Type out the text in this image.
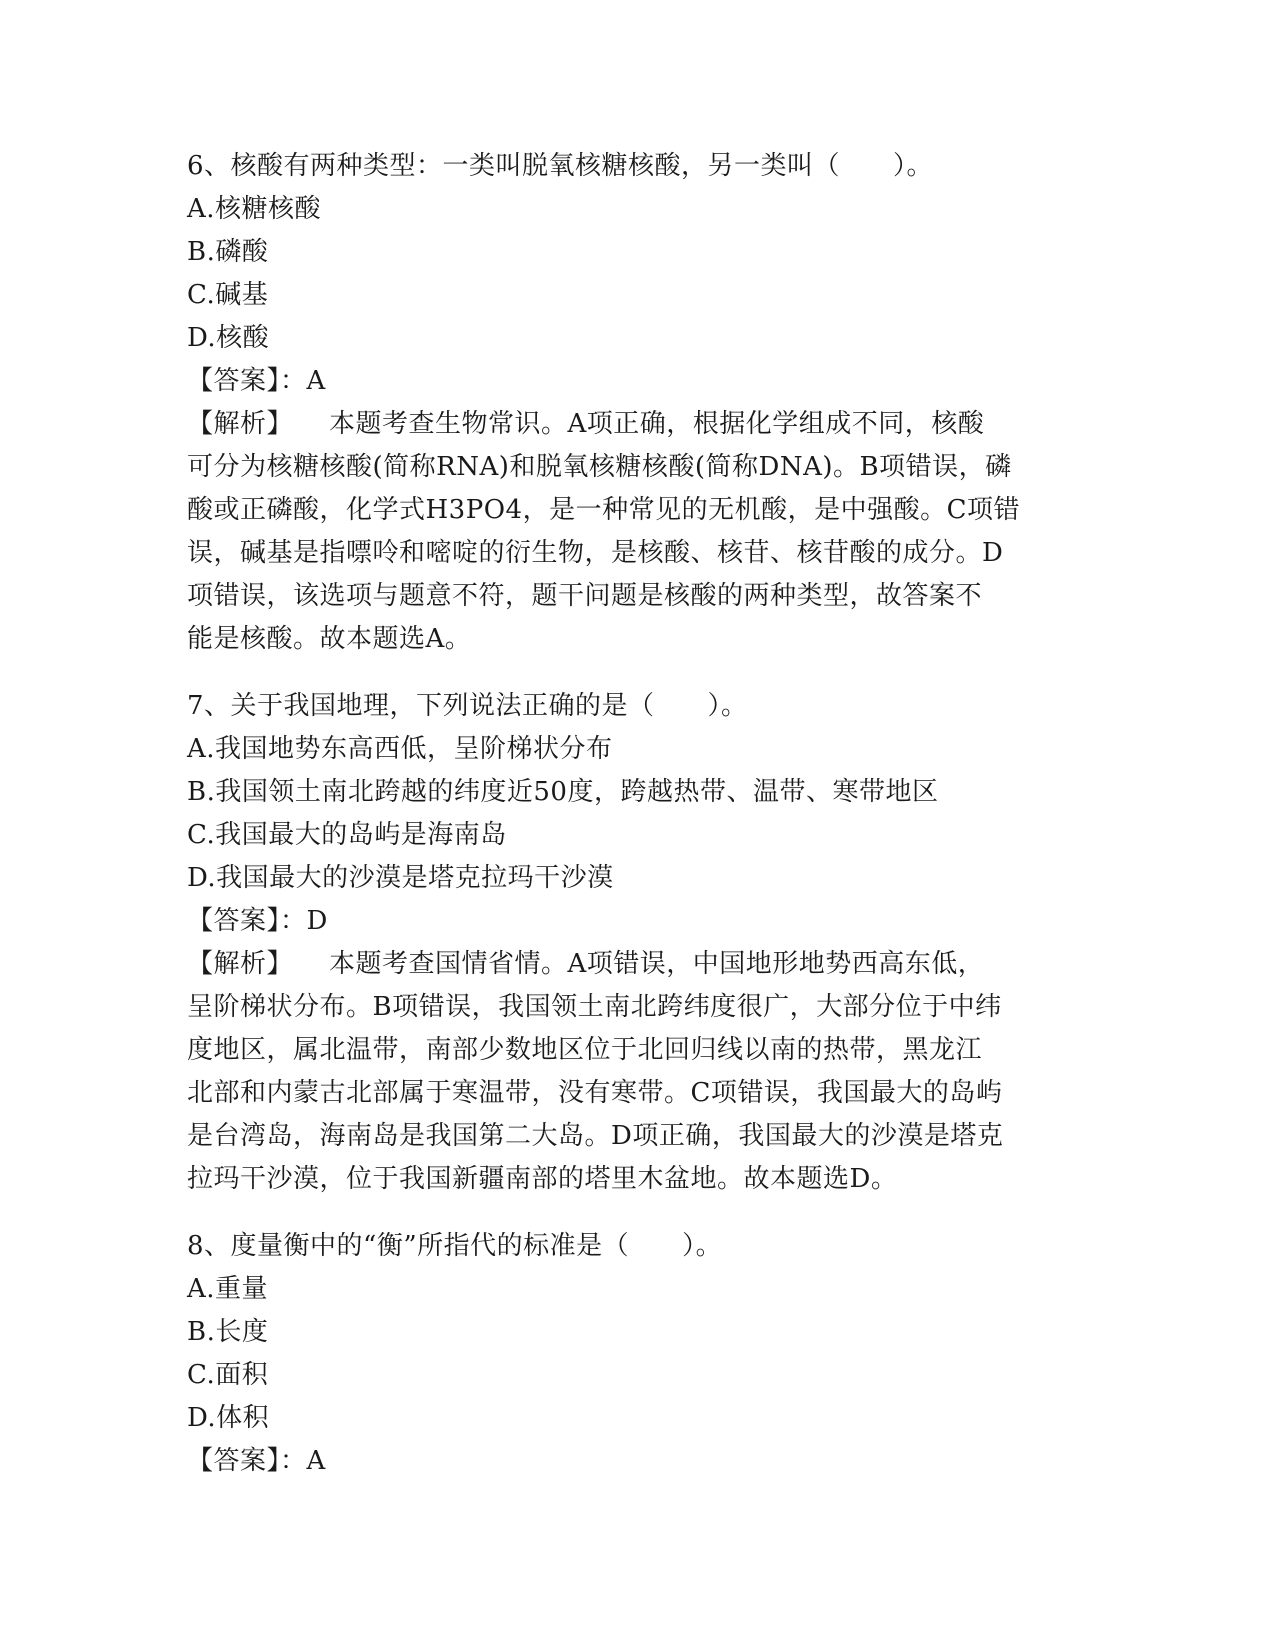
6、核酸有两种类型：一类叫脱氧核糖核酸，另一类叫（　　）。
A.核糖核酸
B.磷酸
C.碱基
D.核酸
【答案】：A
【解析】 本题考查生物常识。A项正确，根据化学组成不同，核酸
可分为核糖核酸(简称RNA)和脱氧核糖核酸(简称DNA)。B项错误，磷
酸或正磷酸，化学式H3PO4，是一种常见的无机酸，是中强酸。C项错
误，碱基是指嘌呤和嘧啶的衍生物，是核酸、核苷、核苷酸的成分。D
项错误，该选项与题意不符，题干问题是核酸的两种类型，故答案不
能是核酸。故本题选A。
7、关于我国地理，下列说法正确的是（　　）。
A.我国地势东高西低，呈阶梯状分布
B.我国领土南北跨越的纬度近50度，跨越热带、温带、寒带地区
C.我国最大的岛屿是海南岛
D.我国最大的沙漠是塔克拉玛干沙漠
【答案】：D
【解析】 本题考查国情省情。A项错误，中国地形地势西高东低，
呈阶梯状分布。B项错误，我国领土南北跨纬度很广，大部分位于中纬
度地区，属北温带，南部少数地区位于北回归线以南的热带，黑龙江
北部和内蒙古北部属于寒温带，没有寒带。C项错误，我国最大的岛屿
是台湾岛，海南岛是我国第二大岛。D项正确，我国最大的沙漠是塔克
拉玛干沙漠，位于我国新疆南部的塔里木盆地。故本题选D。
8、度量衡中的“衡”所指代的标准是（　　）。
A.重量
B.长度
C.面积
D.体积
【答案】：A
